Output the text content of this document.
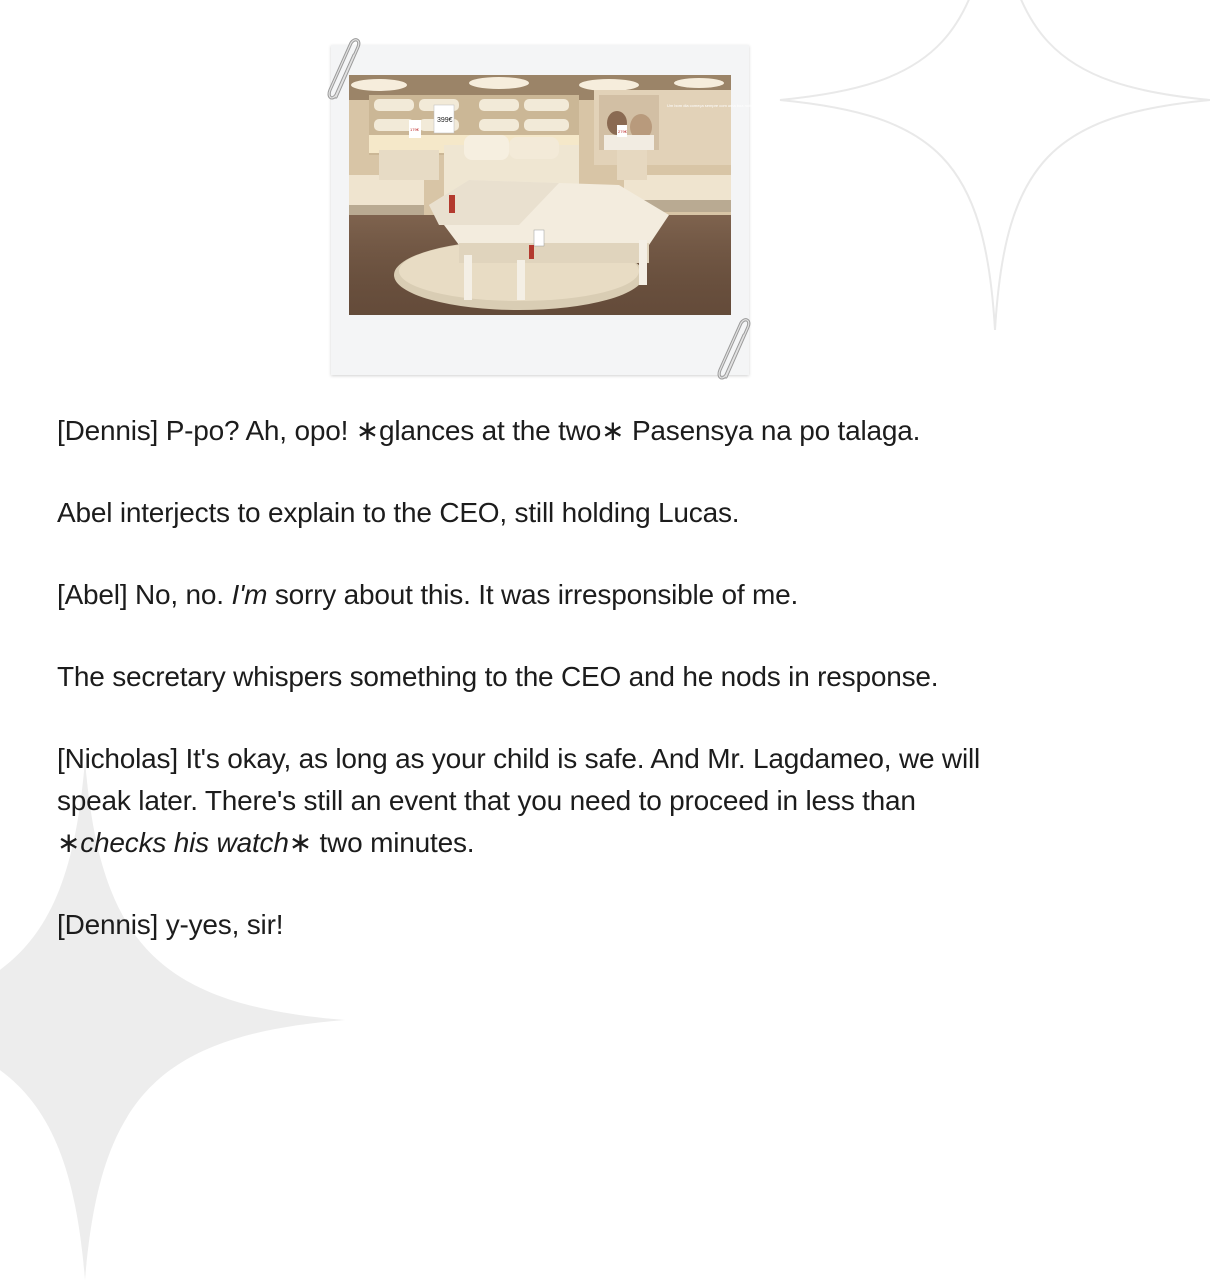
399€
179€	279€
Um bom dia começa sempre com uma boa noite de sono!

[Dennis] P-po? Ah, opo! ∗glances at the two∗ Pasensya na po talaga.

Abel interjects to explain to the CEO, still holding Lucas.

[Abel] No, no. I'm sorry about this. It was irresponsible of me.

The secretary whispers something to the CEO and he nods in response.

[Nicholas] It's okay, as long as your child is safe. And Mr. Lagdameo, we will speak later. There's still an event that you need to proceed in less than ∗checks his watch∗ two minutes.

[Dennis] y-yes, sir!
